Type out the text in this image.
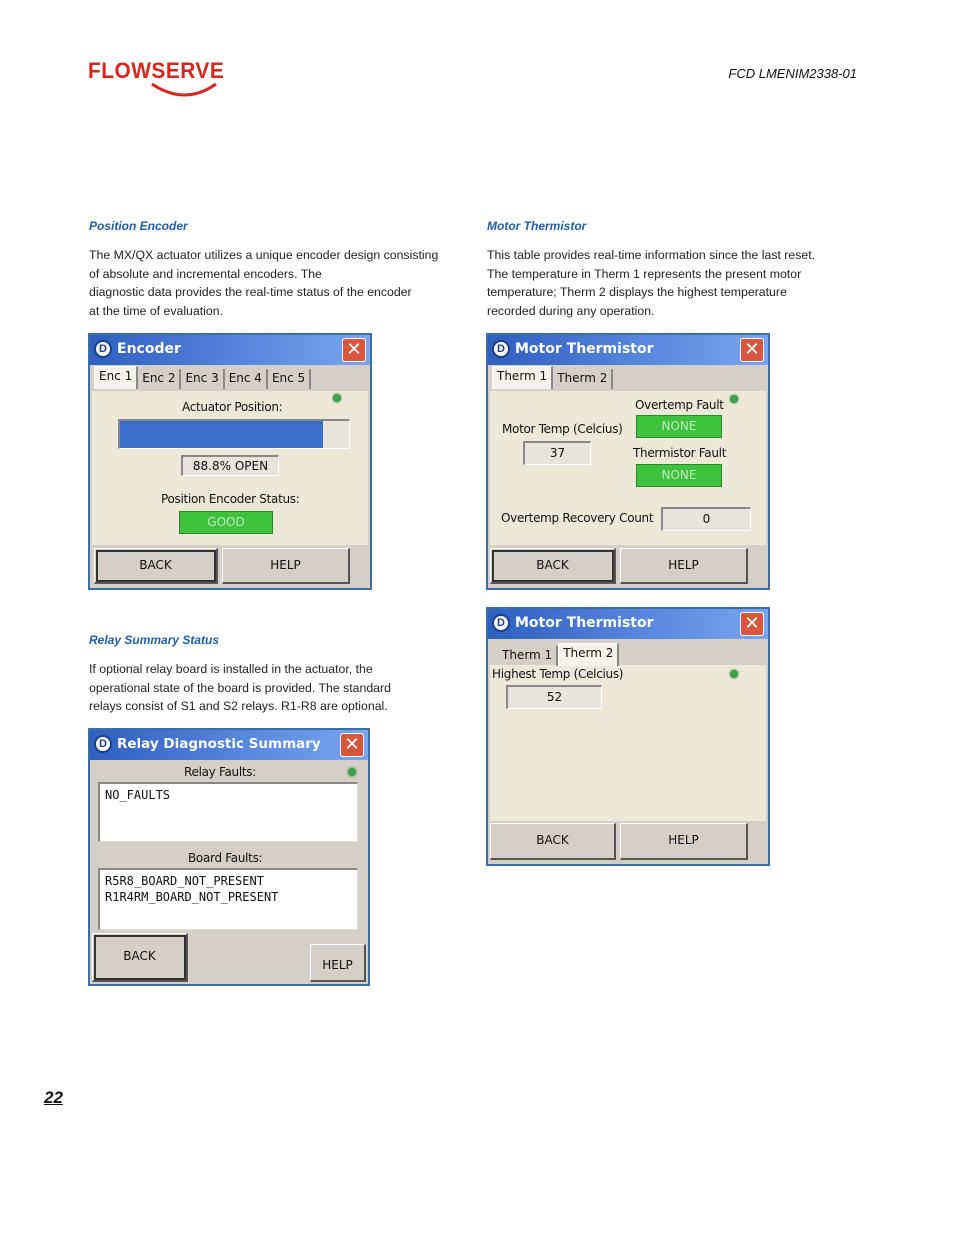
FLOWSERVE	FCD LMENIM2338-01
Position Encoder
The MX/QX actuator utilizes a unique encoder design consisting
of absolute and incremental encoders. The
diagnostic data provides the real-time status of the encoder
at the time of evaluation.
Motor Thermistor
This table provides real-time information since the last reset.
The temperature in Therm 1 represents the present motor
temperature; Therm 2 displays the highest temperature
recorded during any operation.
D Encoder	✕
Enc 1 Enc 2 Enc 3 Enc 4 Enc 5
Actuator Position:
88.8% OPEN
Position Encoder Status:
GOOD
BACK	HELP
D Motor Thermistor	✕
Therm 1 Therm 2
Overtemp Fault
NONE
Motor Temp (Celcius)
37	Thermistor Fault
NONE
Overtemp Recovery Count	0
BACK	HELP
Relay Summary Status
If optional relay board is installed in the actuator, the
operational state of the board is provided. The standard
relays consist of S1 and S2 relays. R1-R8 are optional.
D Motor Thermistor	✕
Therm 1 Therm 2
Highest Temp (Celcius)
52
BACK	HELP
D Relay Diagnostic Summary ✕
Relay Faults:
NO_FAULTS
Board Faults:
R5R8_BOARD_NOT_PRESENT
R1R4RM_BOARD_NOT_PRESENT
BACK
HELP
22
